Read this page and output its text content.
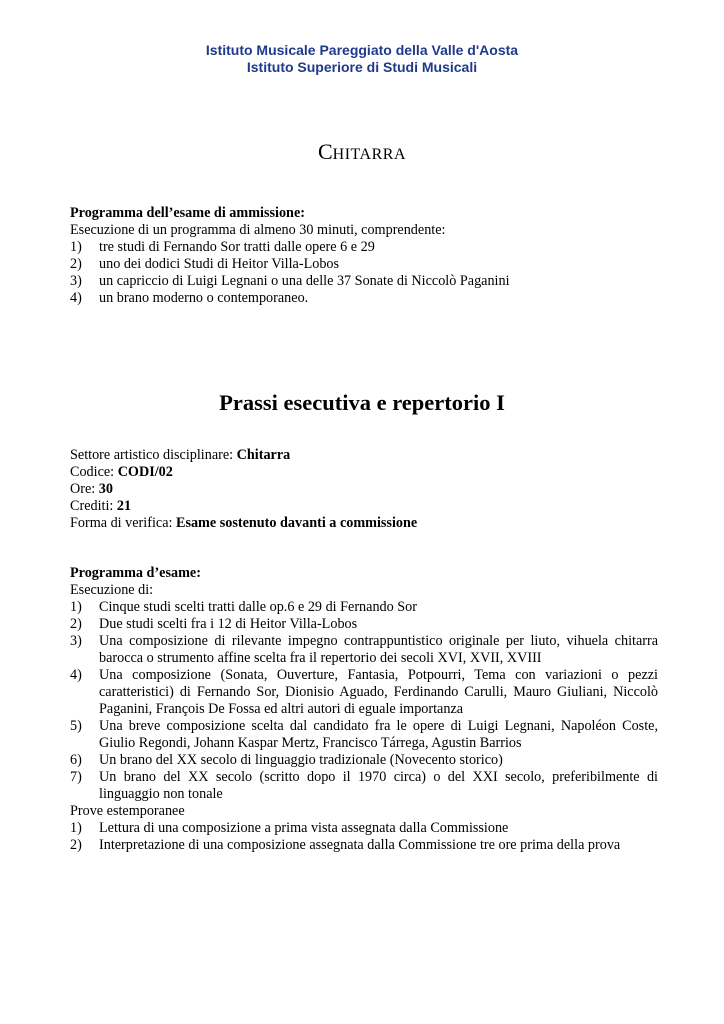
Istituto Musicale Pareggiato della Valle d'Aosta
Istituto Superiore di Studi Musicali
CHITARRA
Programma dell’esame di ammissione:
Esecuzione di un programma di almeno 30 minuti, comprendente:
1) tre studi di Fernando Sor tratti dalle opere 6 e 29
2) uno dei dodici Studi di Heitor Villa-Lobos
3) un capriccio di Luigi Legnani o una delle 37 Sonate di Niccolò Paganini
4) un brano moderno o contemporaneo.
Prassi esecutiva e repertorio I
Settore artistico disciplinare: Chitarra
Codice: CODI/02
Ore: 30
Crediti: 21
Forma di verifica: Esame sostenuto davanti a commissione
Programma d’esame:
Esecuzione di:
1) Cinque studi scelti tratti dalle op.6 e 29 di Fernando Sor
2) Due studi scelti fra i 12 di Heitor Villa-Lobos
3) Una composizione di rilevante impegno contrappuntistico originale per liuto, vihuela chitarra barocca o strumento affine scelta fra il repertorio dei secoli XVI, XVII, XVIII
4) Una composizione (Sonata, Ouverture, Fantasia, Potpourri, Tema con variazioni o pezzi caratteristici) di Fernando Sor, Dionisio Aguado, Ferdinando Carulli, Mauro Giuliani, Niccolò Paganini, François De Fossa ed altri autori di eguale importanza
5) Una breve composizione scelta dal candidato fra le opere di Luigi Legnani, Napoléon Coste, Giulio Regondi, Johann Kaspar Mertz, Francisco Tárrega, Agustin Barrios
6) Un brano del XX secolo di linguaggio tradizionale (Novecento storico)
7) Un brano del XX secolo (scritto dopo il 1970 circa) o del XXI secolo, preferibilmente di linguaggio non tonale
Prove estemporanee
1) Lettura di una composizione a prima vista assegnata dalla Commissione
2) Interpretazione di una composizione assegnata dalla Commissione tre ore prima della prova
